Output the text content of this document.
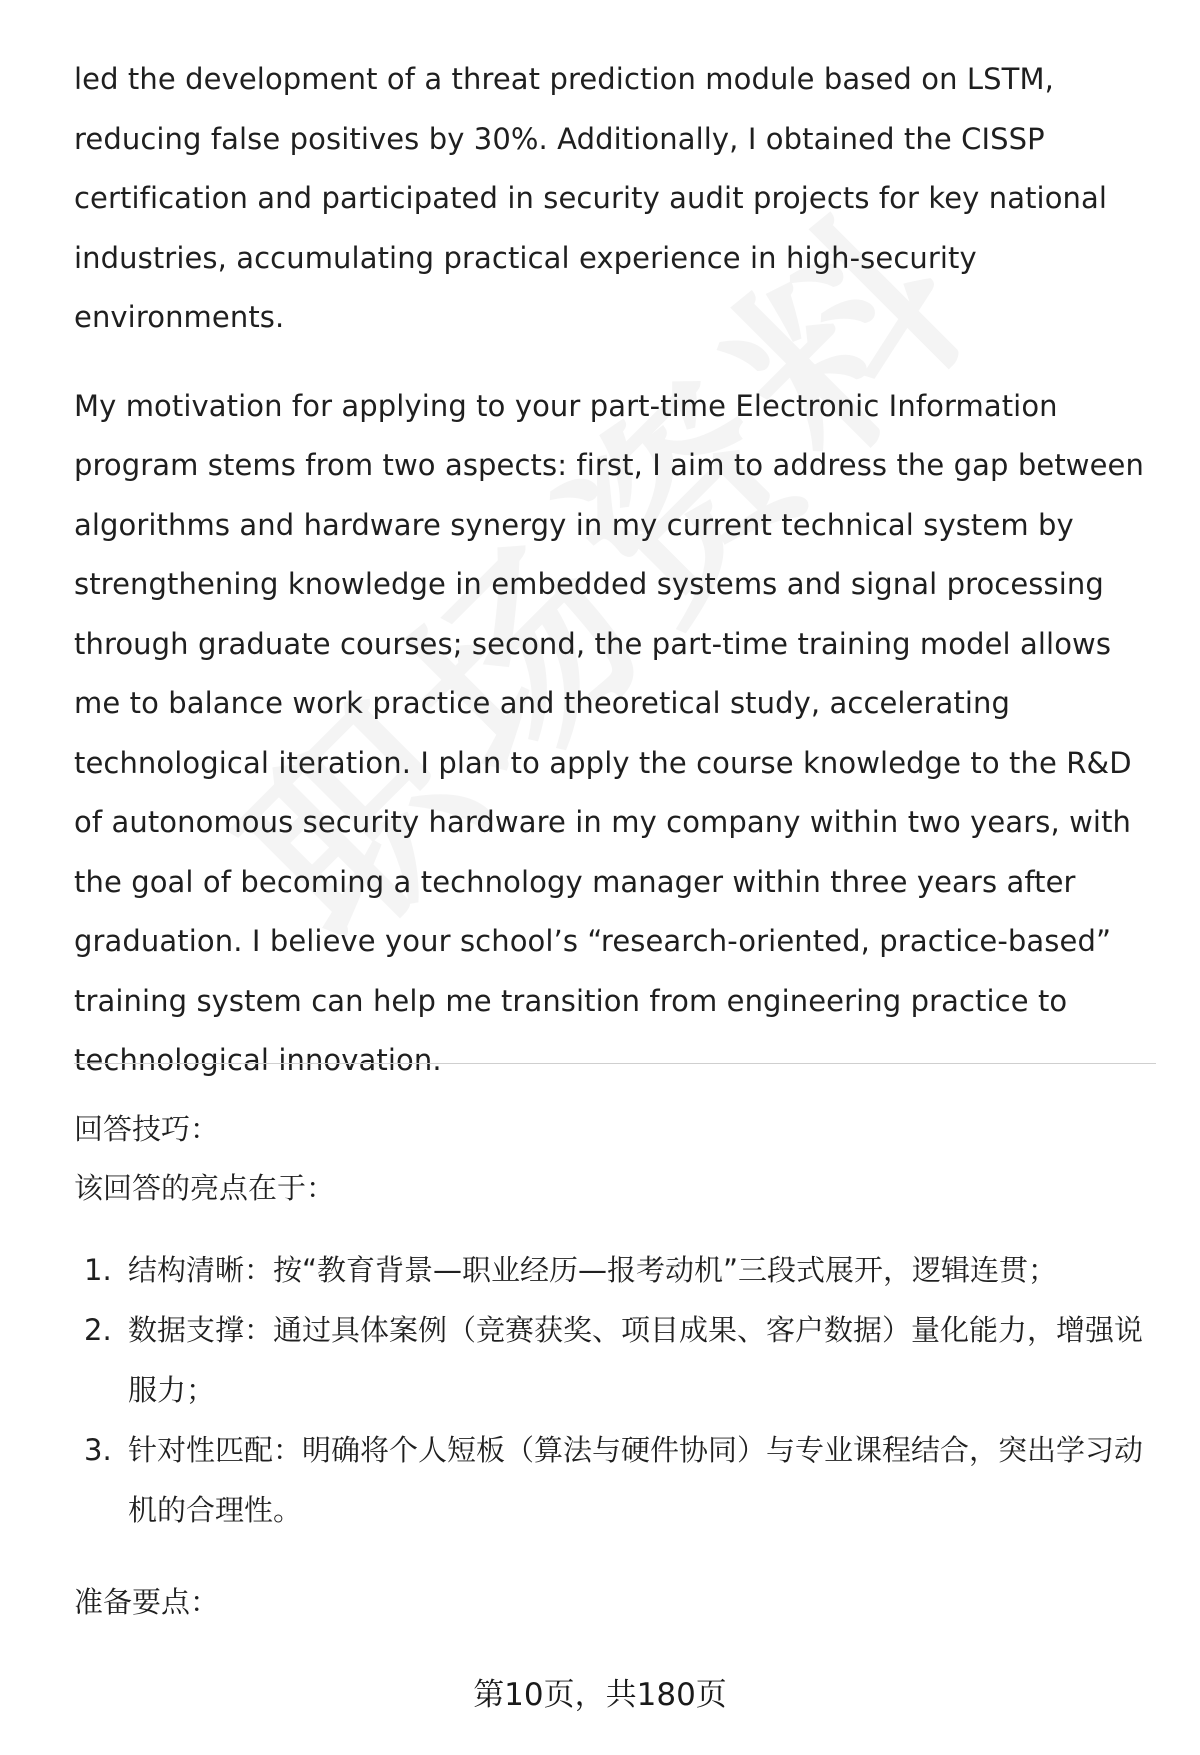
led the development of a threat prediction module based on LSTM, reducing false positives by 30%. Additionally, I obtained the CISSP certification and participated in security audit projects for key national industries, accumulating practical experience in high-security environments.

My motivation for applying to your part-time Electronic Information program stems from two aspects: first, I aim to address the gap between algorithms and hardware synergy in my current technical system by strengthening knowledge in embedded systems and signal processing through graduate courses; second, the part-time training model allows me to balance work practice and theoretical study, accelerating technological iteration. I plan to apply the course knowledge to the R&D of autonomous security hardware in my company within two years, with the goal of becoming a technology manager within three years after graduation. I believe your school’s “research-oriented, practice-based” training system can help me transition from engineering practice to technological innovation.

回答技巧：

该回答的亮点在于：

1. 结构清晰：按“教育背景—职业经历—报考动机”三段式展开，逻辑连贯；
2. 数据支撑：通过具体案例（竞赛获奖、项目成果、客户数据）量化能力，增强说服力；
3. 针对性匹配：明确将个人短板（算法与硬件协同）与专业课程结合，突出学习动机的合理性。

准备要点：

第10页，共180页
